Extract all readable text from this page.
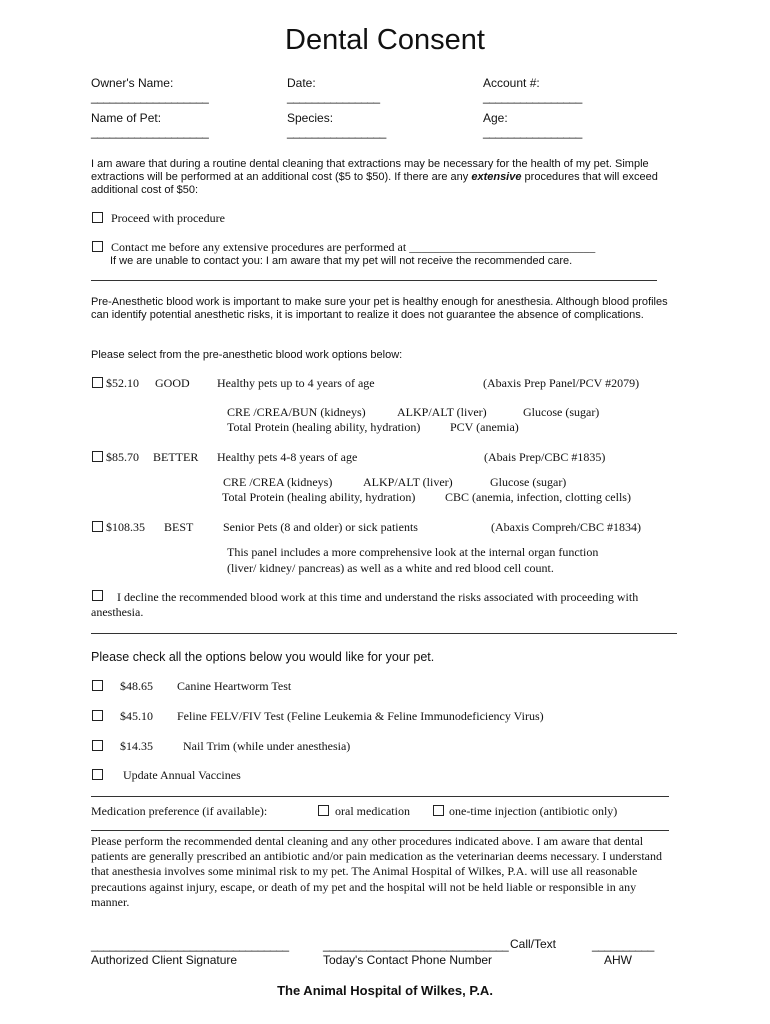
Dental Consent
Owner's Name:	Date:	Account #:
___________________	_______________	________________
Name of Pet:	Species:	Age:
___________________	________________	________________
I am aware that during a routine dental cleaning that extractions may be necessary for the health of my pet. Simple extractions will be performed at an additional cost ($5 to $50). If there are any extensive procedures that will exceed additional cost of $50:
Proceed with procedure
Contact me before any extensive procedures are performed at _______________________________
If we are unable to contact you: I am aware that my pet will not receive the recommended care.
Pre-Anesthetic blood work is important to make sure your pet is healthy enough for anesthesia. Although blood profiles can identify potential anesthetic risks, it is important to realize it does not guarantee the absence of complications.
Please select from the pre-anesthetic blood work options below:
$52.10 GOOD Healthy pets up to 4 years of age	(Abaxis Prep Panel/PCV #2079)
CRE /CREA/BUN (kidneys)	ALKP/ALT (liver)	Glucose (sugar)
Total Protein (healing ability, hydration) PCV (anemia)
$85.70 BETTER Healthy pets 4-8 years of age	(Abais Prep/CBC #1835)
CRE /CREA (kidneys)	ALKP/ALT (liver)	Glucose (sugar)
Total Protein (healing ability, hydration) CBC (anemia, infection, clotting cells)
$108.35 BEST Senior Pets (8 and older) or sick patients	(Abaxis Compreh/CBC #1834)
This panel includes a more comprehensive look at the internal organ function
(liver/ kidney/ pancreas) as well as a white and red blood cell count.
I decline the recommended blood work at this time and understand the risks associated with proceeding with
anesthesia.
Please check all the options below you would like for your pet.
$48.65 Canine Heartworm Test
$45.10 Feline FELV/FIV Test (Feline Leukemia & Feline Immunodeficiency Virus)
$14.35	Nail Trim (while under anesthesia)
Update Annual Vaccines
Medication preference (if available):	oral medication	one-time injection (antibiotic only)
Please perform the recommended dental cleaning and any other procedures indicated above. I am aware that dental patients are generally prescribed an antibiotic and/or pain medication as the veterinarian deems necessary. I understand that anesthesia involves some minimal risk to my pet. The Animal Hospital of Wilkes, P.A. will use all reasonable precautions against injury, escape, or death of my pet and the hospital will not be held liable or responsible in any manner.
________________________________	______________________________ Call/Text	__________
Authorized Client Signature	Today's Contact Phone Number	AHW
The Animal Hospital of Wilkes, P.A.
